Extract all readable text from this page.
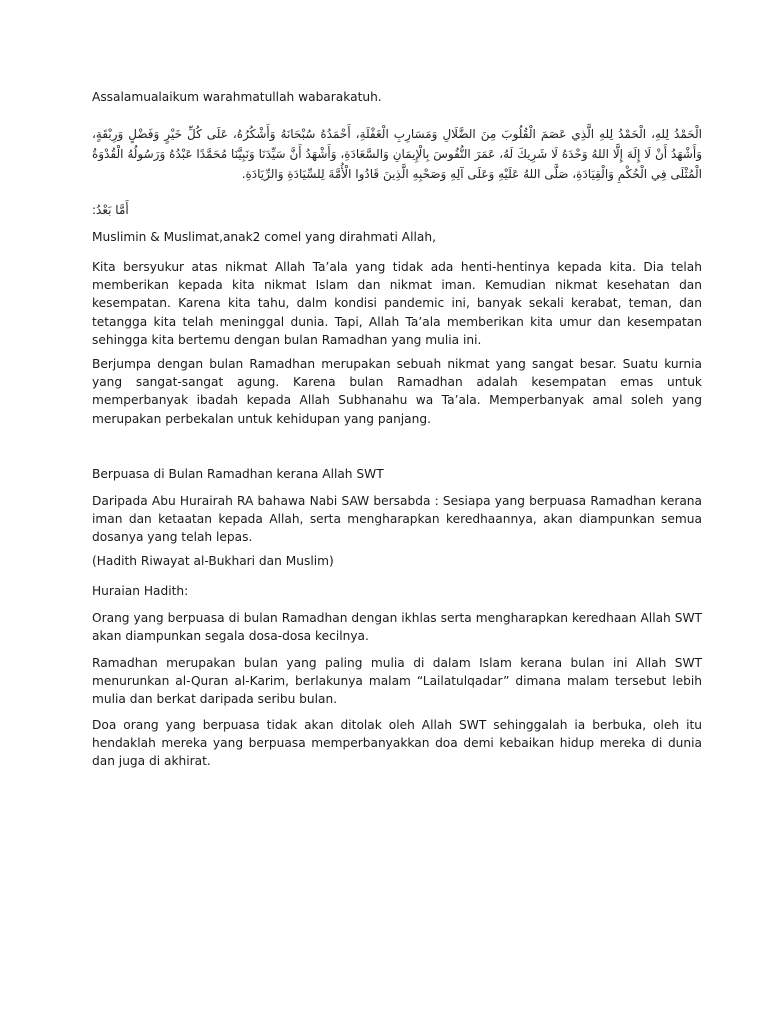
Assalamualaikum warahmatullah wabarakatuh.

الْحَمْدُ لِلهِ، الْحَمْدُ لِلهِ الَّذِي عَصَمَ الْقُلُوبَ مِنَ الضَّلَالِ وَمَسَارِبِ الْغَفْلَةِ، أَحْمَدُهُ سُبْحَانَهُ وَأَشْكُرُهُ، عَلَى كُلِّ خَيْرٍ وَفَضْلٍ وَرِبْقَةٍ، وَأَشْهَدُ أَنْ لَا إِلَهَ إِلَّا اللهُ وَحْدَهُ لَا شَرِيكَ لَهُ، عَمَرَ النُّفُوسَ بِالْإِيمَانِ وَالسَّعَادَةِ، وَأَشْهَدُ أَنَّ سَيِّدَنَا وَنَبِيَّنَا مُحَمَّدًا عَبْدُهُ وَرَسُولُهُ الْقُدْوَةُ الْمُثْلَى فِي الْحُكْمِ وَالْقِيَادَةِ، صَلَّى اللهُ عَلَيْهِ وَعَلَى آلِهِ وَصَحْبِهِ الَّذِينَ قَادُوا الْأُمَّةَ لِلسِّيَادَةِ وَالرِّيَادَةِ.

أَمَّا بَعْدُ:

Muslimin & Muslimat,anak2 comel yang dirahmati Allah,

Kita bersyukur atas nikmat Allah Ta’ala yang tidak ada henti-hentinya kepada kita. Dia telah memberikan kepada kita nikmat Islam dan nikmat iman. Kemudian nikmat kesehatan dan kesempatan. Karena kita tahu, dalm kondisi pandemic ini, banyak sekali kerabat, teman, dan tetangga kita telah meninggal dunia. Tapi, Allah Ta’ala memberikan kita umur dan kesempatan sehingga kita bertemu dengan bulan Ramadhan yang mulia ini.

Berjumpa dengan bulan Ramadhan merupakan sebuah nikmat yang sangat besar. Suatu kurnia yang sangat-sangat agung. Karena bulan Ramadhan adalah kesempatan emas untuk memperbanyak ibadah kepada Allah Subhanahu wa Ta’ala. Memperbanyak amal soleh yang merupakan perbekalan untuk kehidupan yang panjang.

Berpuasa di Bulan Ramadhan kerana Allah SWT

Daripada Abu Hurairah RA bahawa Nabi SAW bersabda : Sesiapa yang berpuasa Ramadhan kerana iman dan ketaatan kepada Allah, serta mengharapkan keredhaannya, akan diampunkan semua dosanya yang telah lepas.

(Hadith Riwayat al-Bukhari dan Muslim)

Huraian Hadith:

Orang yang berpuasa di bulan Ramadhan dengan ikhlas serta mengharapkan keredhaan Allah SWT akan diampunkan segala dosa-dosa kecilnya.

Ramadhan merupakan bulan yang paling mulia di dalam Islam kerana bulan ini Allah SWT menurunkan al-Quran al-Karim, berlakunya malam “Lailatulqadar” dimana malam tersebut lebih mulia dan berkat daripada seribu bulan.

Doa orang yang berpuasa tidak akan ditolak oleh Allah SWT sehinggalah ia berbuka, oleh itu hendaklah mereka yang berpuasa memperbanyakkan doa demi kebaikan hidup mereka di dunia dan juga di akhirat.
